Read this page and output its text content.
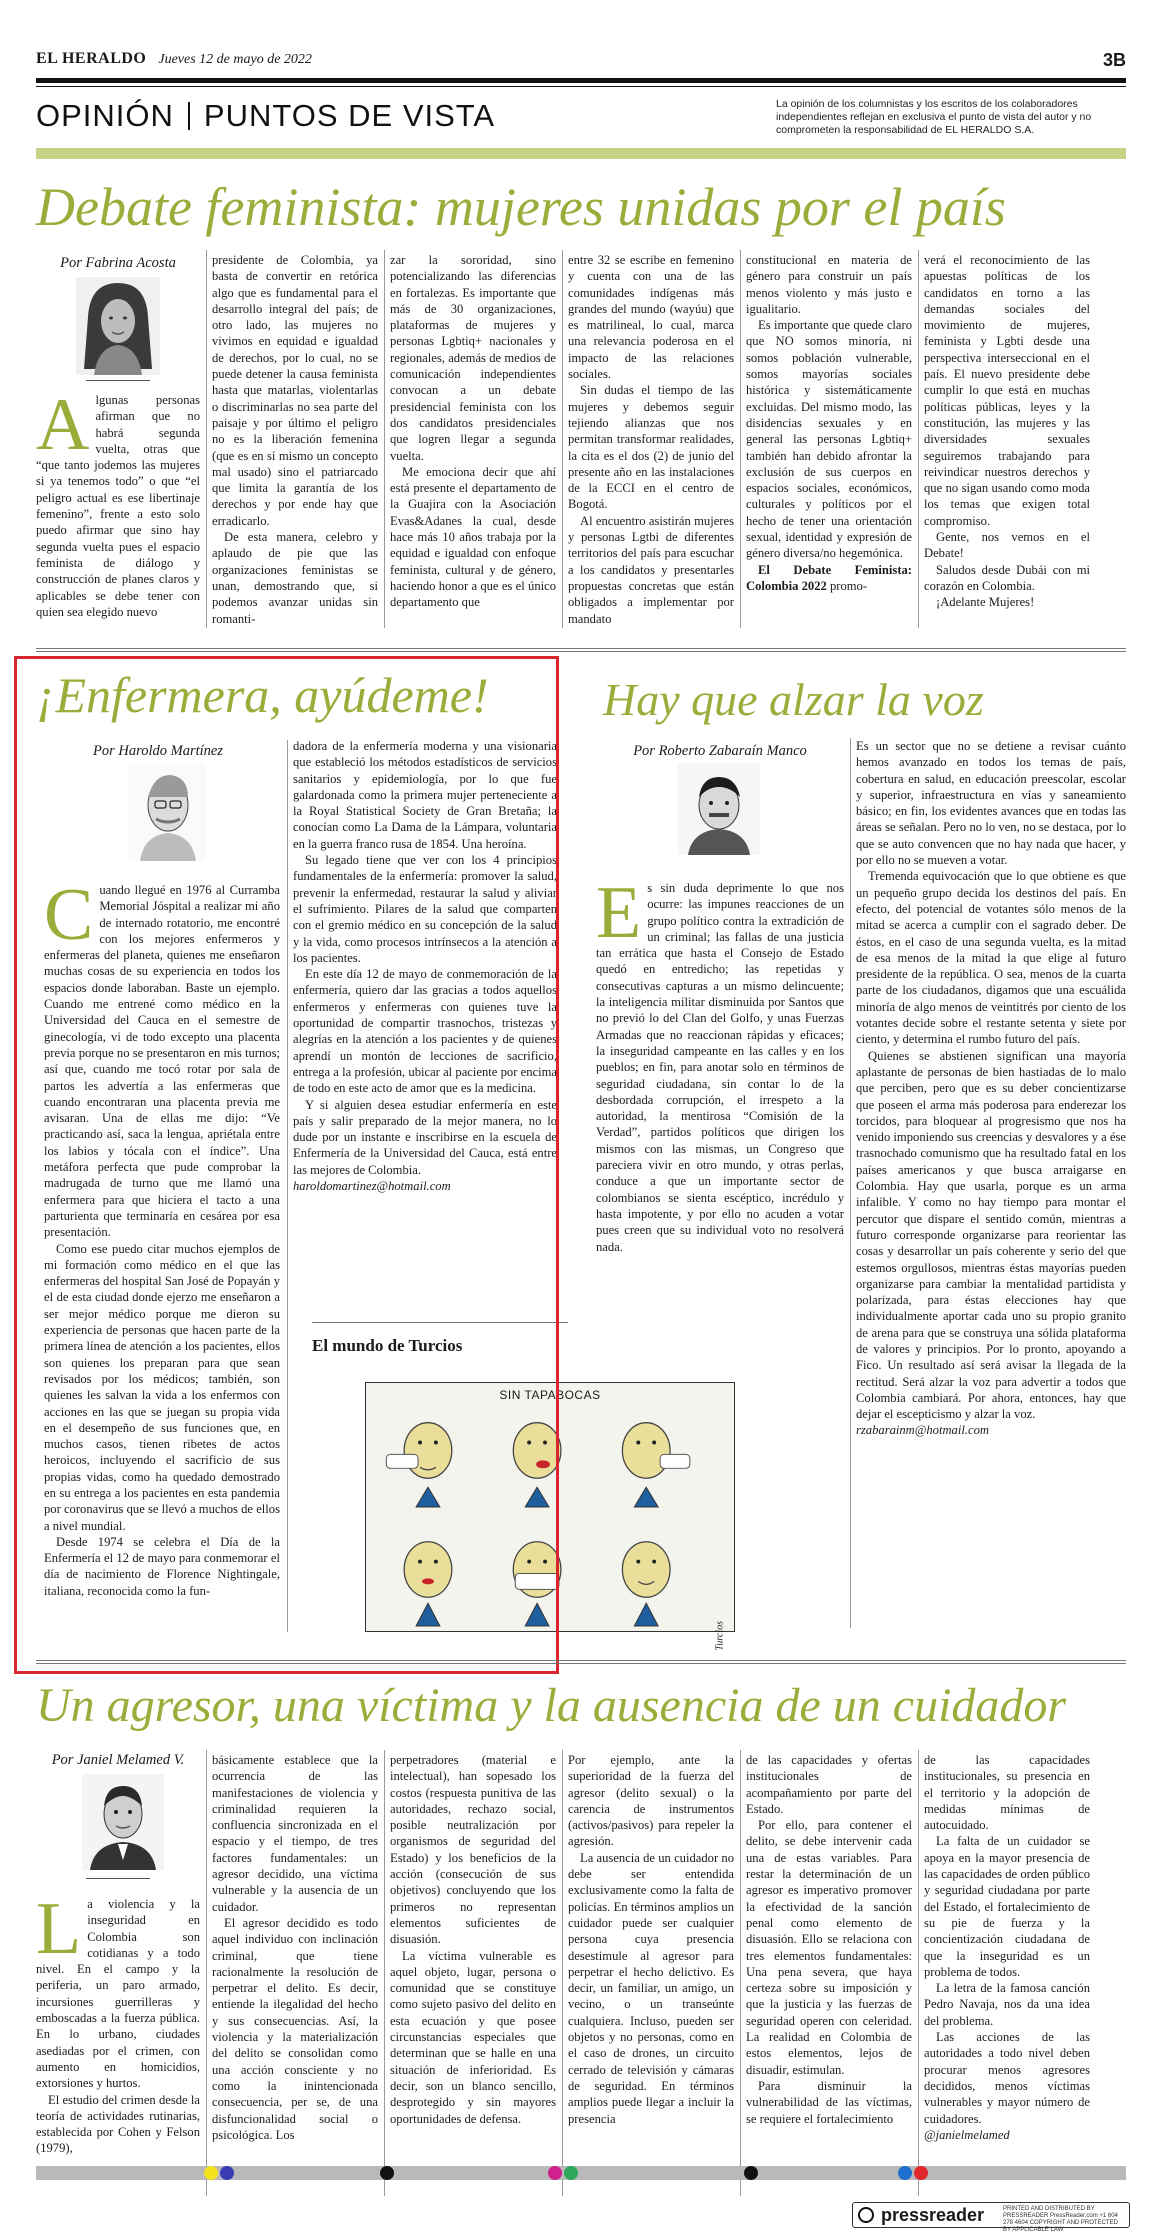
EL HERALDO Jueves 12 de mayo de 2022	3B
OPINIÓN PUNTOS DE VISTA	La opinión de los columnistas y los escritos de los colaboradores independientes reflejan en exclusiva el punto de vista del autor y no comprometen la responsabilidad de EL HERALDO S.A.
Debate feminista: mujeres unidas por el país
Por Fabrina Acosta
A lgunas personas afirman que no habrá segunda vuelta, otras que “que tanto jodemos las mujeres si ya tenemos todo” o que “el peligro actual es ese libertinaje femenino”, frente a esto solo puedo afirmar que sino hay segunda vuelta pues el espacio feminista de diálogo y construcción de planes claros y aplicables se debe tener con quien sea elegido nuevo

presidente de Colombia, ya basta de convertir en retórica algo que es fundamental para el desarrollo integral del país; de otro lado, las mujeres no vivimos en equidad e igualdad de derechos, por lo cual, no se puede detener la causa feminista hasta que matarlas, violentarlas o discriminarlas no sea parte del paisaje y por último el peligro no es la liberación femenina (que es en sí mismo un concepto mal usado) sino el patriarcado que limita la garantía de los derechos y por ende hay que erradicarlo.

De esta manera, celebro y aplaudo de pie que las organizaciones feministas se unan, demostrando que, si podemos avanzar unidas sin romanti-

zar la sororidad, sino potencializando las diferencias en fortalezas. Es importante que más de 30 organizaciones, plataformas de mujeres y personas Lgbtiq+ nacionales y regionales, además de medios de comunicación independientes convocan a un debate presidencial feminista con los dos candidatos presidenciales que logren llegar a segunda vuelta.

Me emociona decir que ahí está presente el departamento de la Guajira con la Asociación Evas&Adanes la cual, desde hace más 10 años trabaja por la equidad e igualdad con enfoque feminista, cultural y de género, haciendo honor a que es el único departamento que

entre 32 se escribe en femenino y cuenta con una de las comunidades indígenas más grandes del mundo (wayúu) que es matrilineal, lo cual, marca una relevancia poderosa en el impacto de las relaciones sociales.

Sin dudas el tiempo de las mujeres y debemos seguir tejiendo alianzas que nos permitan transformar realidades, la cita es el dos (2) de junio del presente año en las instalaciones de la ECCI en el centro de Bogotá.

Al encuentro asistirán mujeres y personas Lgtbi de diferentes territorios del país para escuchar a los candidatos y presentarles propuestas concretas que están obligados a implementar por mandato

constitucional en materia de género para construir un país menos violento y más justo e igualitario.

Es importante que quede claro que NO somos minoría, ni somos población vulnerable, somos mayorías sociales histórica y sistemáticamente excluidas. Del mismo modo, las disidencias sexuales y en general las personas Lgbtiq+ también han debido afrontar la exclusión de sus cuerpos en espacios sociales, económicos, culturales y políticos por el hecho de tener una orientación sexual, identidad y expresión de género diversa/no hegemónica.

El Debate Feminista: Colombia 2022 promo-

verá el reconocimiento de las apuestas políticas de los candidatos en torno a las demandas sociales del movimiento de mujeres, feminista y Lgbti desde una perspectiva interseccional en el país. El nuevo presidente debe cumplir lo que está en muchas políticas públicas, leyes y la constitución, las mujeres y las diversidades sexuales seguiremos trabajando para reivindicar nuestros derechos y que no sigan usando como moda los temas que exigen total compromiso.

Gente, nos vemos en el Debate!

Saludos desde Dubái con mi corazón en Colombia.

¡Adelante Mujeres!

¡Enfermera, ayúdeme!
Por Haroldo Martínez
C uando llegué en 1976 al Curramba Memorial Jóspital a realizar mi año de internado rotatorio, me encontré con los mejores enfermeros y enfermeras del planeta, quienes me enseñaron muchas cosas de su experiencia en todos los espacios donde laboraban. Baste un ejemplo. Cuando me entrené como médico en la Universidad del Cauca en el semestre de ginecología, vi de todo excepto una placenta previa porque no se presentaron en mis turnos; así que, cuando me tocó rotar por sala de partos les advertía a las enfermeras que cuando encontraran una placenta previa me avisaran. Una de ellas me dijo: “Ve practicando así, saca la lengua, apriétala entre los labios y tócala con el índice”. Una metáfora perfecta que pude comprobar la madrugada de turno que me llamó una enfermera para que hiciera el tacto a una parturienta que terminaría en cesárea por esa presentación.

Como ese puedo citar muchos ejemplos de mi formación como médico en el que las enfermeras del hospital San José de Popayán y el de esta ciudad donde ejerzo me enseñaron a ser mejor médico porque me dieron su experiencia de personas que hacen parte de la primera línea de atención a los pacientes, ellos son quienes los preparan para que sean revisados por los médicos; también, son quienes les salvan la vida a los enfermos con acciones en las que se juegan su propia vida en el desempeño de sus funciones que, en muchos casos, tienen ribetes de actos heroicos, incluyendo el sacrificio de sus propias vidas, como ha quedado demostrado en su entrega a los pacientes en esta pandemia por coronavirus que se llevó a muchos de ellos a nivel mundial.

Desde 1974 se celebra el Día de la Enfermería el 12 de mayo para conmemorar el día de nacimiento de Florence Nightingale, italiana, reconocida como la fun-

dadora de la enfermería moderna y una visionaria que estableció los métodos estadísticos de servicios sanitarios y epidemiología, por lo que fue galardonada como la primera mujer perteneciente a la Royal Statistical Society de Gran Bretaña; la conocían como La Dama de la Lámpara, voluntaria en la guerra franco rusa de 1854. Una heroína.

Su legado tiene que ver con los 4 principios fundamentales de la enfermería: promover la salud, prevenir la enfermedad, restaurar la salud y aliviar el sufrimiento. Pilares de la salud que comparten con el gremio médico en su concepción de la salud y la vida, como procesos intrínsecos a la atención a los pacientes.

En este día 12 de mayo de conmemoración de la enfermería, quiero dar las gracias a todos aquellos enfermeros y enfermeras con quienes tuve la oportunidad de compartir trasnochos, tristezas y alegrías en la atención a los pacientes y de quienes aprendí un montón de lecciones de sacrificio, entrega a la profesión, ubicar al paciente por encima de todo en este acto de amor que es la medicina.

Y si alguien desea estudiar enfermería en este país y salir preparado de la mejor manera, no lo dude por un instante e inscribirse en la escuela de Enfermería de la Universidad del Cauca, está entre las mejores de Colombia.

haroldomartinez@hotmail.com

El mundo de Turcios
SIN TAPABOCAS
Turcios
Hay que alzar la voz
Por Roberto Zabaraín Manco
E s sin duda deprimente lo que nos ocurre: las impunes reacciones de un grupo político contra la extradición de un criminal; las fallas de una justicia tan errática que hasta el Consejo de Estado quedó en entredicho; las repetidas y consecutivas capturas a un mismo delincuente; la inteligencia militar disminuida por Santos que no previó lo del Clan del Golfo, y unas Fuerzas Armadas que no reaccionan rápidas y eficaces; la inseguridad campeante en las calles y en los pueblos; en fin, para anotar solo en términos de seguridad ciudadana, sin contar lo de la desbordada corrupción, el irrespeto a la autoridad, la mentirosa “Comisión de la Verdad”, partidos políticos que dirigen los mismos con las mismas, un Congreso que pareciera vivir en otro mundo, y otras perlas, conduce a que un importante sector de colombianos se sienta escéptico, incrédulo y hasta impotente, y por ello no acuden a votar pues creen que su individual voto no resolverá nada.

Es un sector que no se detiene a revisar cuánto hemos avanzado en todos los temas de país, cobertura en salud, en educación preescolar, escolar y superior, infraestructura en vías y saneamiento básico; en fin, los evidentes avances que en todas las áreas se señalan. Pero no lo ven, no se destaca, por lo que se auto convencen que no hay nada que hacer, y por ello no se mueven a votar.

Tremenda equivocación que lo que obtiene es que un pequeño grupo decida los destinos del país. En efecto, del potencial de votantes sólo menos de la mitad se acerca a cumplir con el sagrado deber. De éstos, en el caso de una segunda vuelta, es la mitad de esa menos de la mitad la que elige al futuro presidente de la república. O sea, menos de la cuarta parte de los ciudadanos, digamos que una escuálida minoría de algo menos de veintitrés por ciento de los votantes decide sobre el restante setenta y siete por ciento, y determina el rumbo futuro del país.

Quienes se abstienen significan una mayoría aplastante de personas de bien hastiadas de lo malo que perciben, pero que es su deber concientizarse que poseen el arma más poderosa para enderezar los torcidos, para bloquear al progresismo que nos ha venido imponiendo sus creencias y desvalores y a ése trasnochado comunismo que ha resultado fatal en los países americanos y que busca arraigarse en Colombia. Hay que usarla, porque es un arma infalible. Y como no hay tiempo para montar el percutor que dispare el sentido común, mientras a futuro corresponde organizarse para reorientar las cosas y desarrollar un país coherente y serio del que estemos orgullosos, mientras éstas mayorías pueden organizarse para cambiar la mentalidad partidista y polarizada, para éstas elecciones hay que individualmente aportar cada uno su propio granito de arena para que se construya una sólida plataforma de valores y principios. Por lo pronto, apoyando a Fico. Un resultado así será avisar la llegada de la rectitud. Será alzar la voz para advertir a todos que Colombia cambiará. Por ahora, entonces, hay que dejar el escepticismo y alzar la voz.

rzabarainm@hotmail.com

Un agresor, una víctima y la ausencia de un cuidador
Por Janiel Melamed V.
L a violencia y la inseguridad en Colombia son cotidianas y a todo nivel. En el campo y la periferia, un paro armado, incursiones guerrilleras y emboscadas a la fuerza pública. En lo urbano, ciudades asediadas por el crimen, con aumento en homicidios, extorsiones y hurtos.

El estudio del crimen desde la teoría de actividades rutinarias, establecida por Cohen y Felson (1979),

básicamente establece que la ocurrencia de las manifestaciones de violencia y criminalidad requieren la confluencia sincronizada en el espacio y el tiempo, de tres factores fundamentales: un agresor decidido, una víctima vulnerable y la ausencia de un cuidador.

El agresor decidido es todo aquel individuo con inclinación criminal, que tiene racionalmente la resolución de perpetrar el delito. Es decir, entiende la ilegalidad del hecho y sus consecuencias. Así, la violencia y la materialización del delito se consolidan como una acción consciente y no como la inintencionada consecuencia, per se, de una disfuncionalidad social o psicológica. Los

perpetradores (material e intelectual), han sopesado los costos (respuesta punitiva de las autoridades, rechazo social, posible neutralización por organismos de seguridad del Estado) y los beneficios de la acción (consecución de sus objetivos) concluyendo que los primeros no representan elementos suficientes de disuasión.

La víctima vulnerable es aquel objeto, lugar, persona o comunidad que se constituye como sujeto pasivo del delito en esta ecuación y que posee circunstancias especiales que determinan que se halle en una situación de inferioridad. Es decir, son un blanco sencillo, desprotegido y sin mayores oportunidades de defensa.

Por ejemplo, ante la superioridad de la fuerza del agresor (delito sexual) o la carencia de instrumentos (activos/pasivos) para repeler la agresión.

La ausencia de un cuidador no debe ser entendida exclusivamente como la falta de policías. En términos amplios un cuidador puede ser cualquier persona cuya presencia desestimule al agresor para perpetrar el hecho delictivo. Es decir, un familiar, un amigo, un vecino, o un transeúnte cualquiera. Incluso, pueden ser objetos y no personas, como en el caso de drones, un circuito cerrado de televisión y cámaras de seguridad. En términos amplios puede llegar a incluir la presencia

de las capacidades y ofertas institucionales de acompañamiento por parte del Estado.

Por ello, para contener el delito, se debe intervenir cada una de estas variables. Para restar la determinación de un agresor es imperativo promover la efectividad de la sanción penal como elemento de disuasión. Ello se relaciona con tres elementos fundamentales: Una pena severa, que haya certeza sobre su imposición y que la justicia y las fuerzas de seguridad operen con celeridad. La realidad en Colombia de estos elementos, lejos de disuadir, estimulan.

Para disminuir la vulnerabilidad de las víctimas, se requiere el fortalecimiento

de las capacidades institucionales, su presencia en el territorio y la adopción de medidas mínimas de autocuidado.

La falta de un cuidador se apoya en la mayor presencia de las capacidades de orden público y seguridad ciudadana por parte del Estado, el fortalecimiento de su pie de fuerza y la concientización ciudadana de que la inseguridad es un problema de todos.

La letra de la famosa canción Pedro Navaja, nos da una idea del problema.

Las acciones de las autoridades a todo nivel deben procurar menos agresores decididos, menos víctimas vulnerables y mayor número de cuidadores.

@janielmelamed

pressreader	PRINTED AND DISTRIBUTED BY PRESSREADER PressReader.com +1 604 278 4604 COPYRIGHT AND PROTECTED BY APPLICABLE LAW
